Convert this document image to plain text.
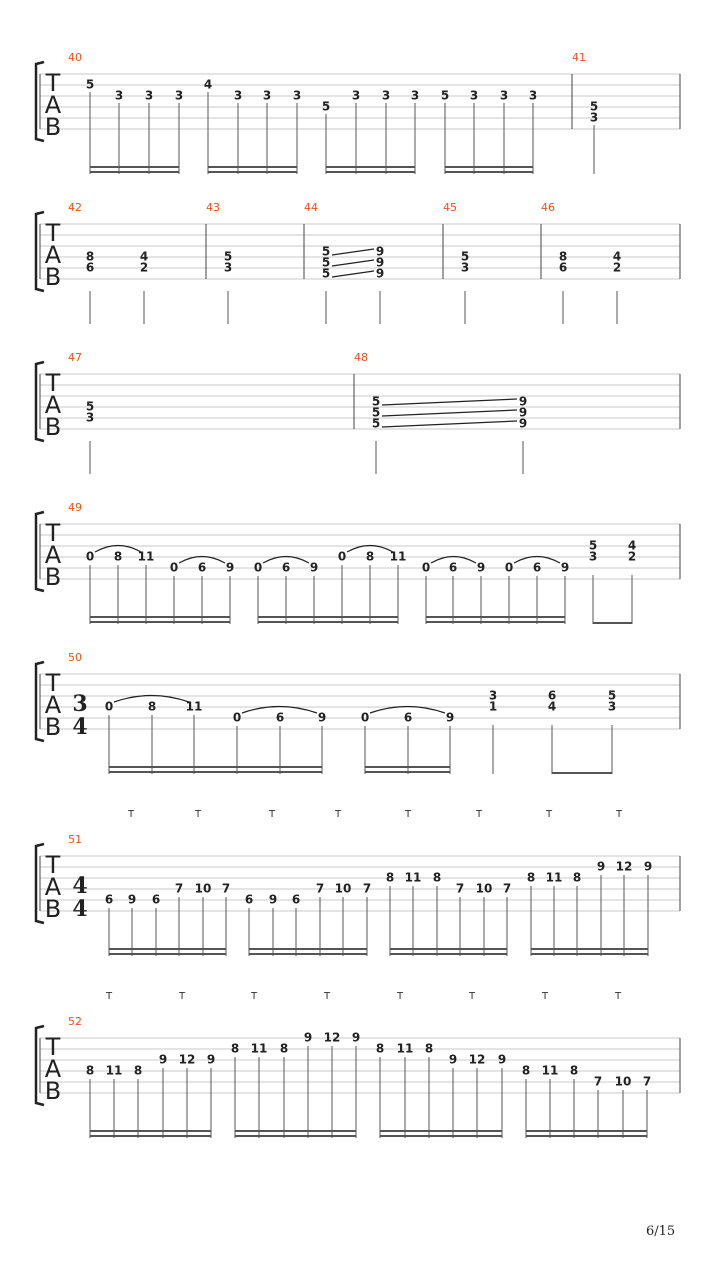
T
A
B
40
5
3 3 3
4
3 3 3
5
3 3 3 5 3 3 3
41
5
3
T
A
B
42
8
6
4
2
43
5
3
44
5	9
5	9
5	9
45
5
3
46
8
6
4
2
T
A
B
47
5
3
48
5	9
5	9
5	9
T
A
B
49
0 8 11
0 6 9 0 6 9
0 8 11
0 6 9 0 6 9
5
3
4
2
T
A
B
50
0	8 11
0	6	9	0	6	9
3
1
6
4
5
3
3
4
T	T	T	T	T	T	T	T
T
A
B
51
6 9 6
7 10 7
6 9 6
7 10 7
8 11 8
7 10 7
8 11 8
9 12 9
4
4
T	T	T	T	T	T	T	T
T
A
B
52
8 11 8
9 12 9
8 11 8
9 12 9
8 11 8
9 12 9
8 11 8
7 10 7
6/15
